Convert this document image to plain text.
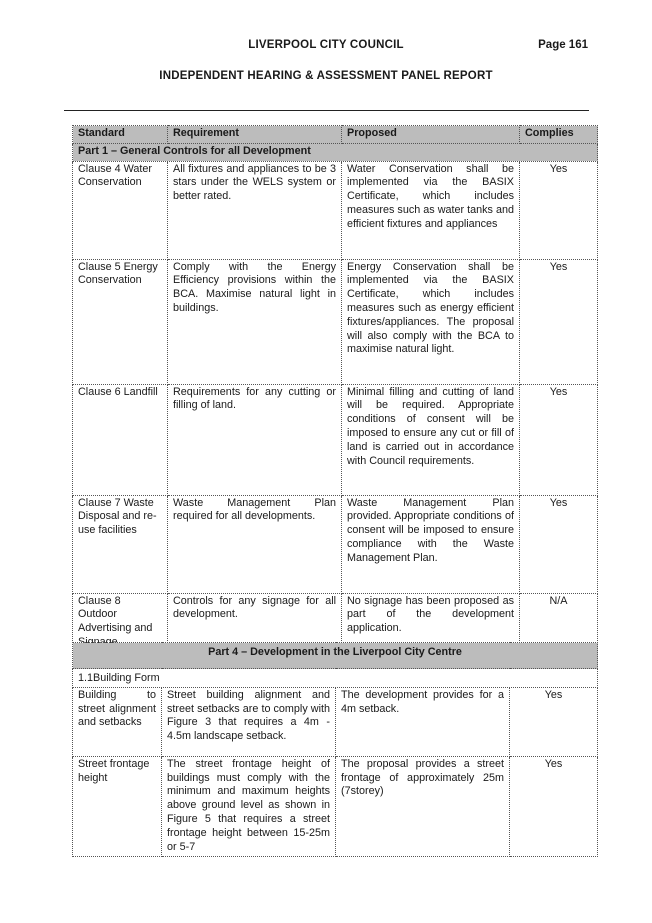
LIVERPOOL CITY COUNCIL	Page 161
INDEPENDENT HEARING & ASSESSMENT PANEL REPORT
Standard	Requirement	Proposed	Complies
Part 1 – General Controls for all Development			
Clause 4 Water Conservation	All fixtures and appliances to be 3 stars under the WELS system or better rated.	Water Conservation shall be implemented via the BASIX Certificate, which includes measures such as water tanks and efficient fixtures and appliances	Yes
Clause 5 Energy Conservation	Comply with the Energy Efficiency provisions within the BCA. Maximise natural light in buildings.	Energy Conservation shall be implemented via the BASIX Certificate, which includes measures such as energy efficient fixtures/appliances. The proposal will also comply with the BCA to maximise natural light.	Yes
Clause 6 Landfill	Requirements for any cutting or filling of land.	Minimal filling and cutting of land will be required. Appropriate conditions of consent will be imposed to ensure any cut or fill of land is carried out in accordance with Council requirements.	Yes
Clause 7 Waste Disposal and re-use facilities	Waste Management Plan required for all developments.	Waste Management Plan provided. Appropriate conditions of consent will be imposed to ensure compliance with the Waste Management Plan.	Yes
Clause 8 Outdoor Advertising and	Controls for any signage for all development.	No signage has been proposed as part of the development application.	N/A
Part 4 – Development in the Liverpool City Centre			
1.1Building Form			
Building to street alignment and setbacks	Street building alignment and street setbacks are to comply with Figure 3 that requires a 4m - 4.5m landscape setback.	The development provides for a 4m setback.	Yes
Street frontage height	The street frontage height of buildings must comply with the minimum and maximum heights above ground level as shown in Figure 5 that requires a street frontage height between 15-25m or 5-7	The proposal provides a street frontage of approximately 25m (7storey)	Yes
